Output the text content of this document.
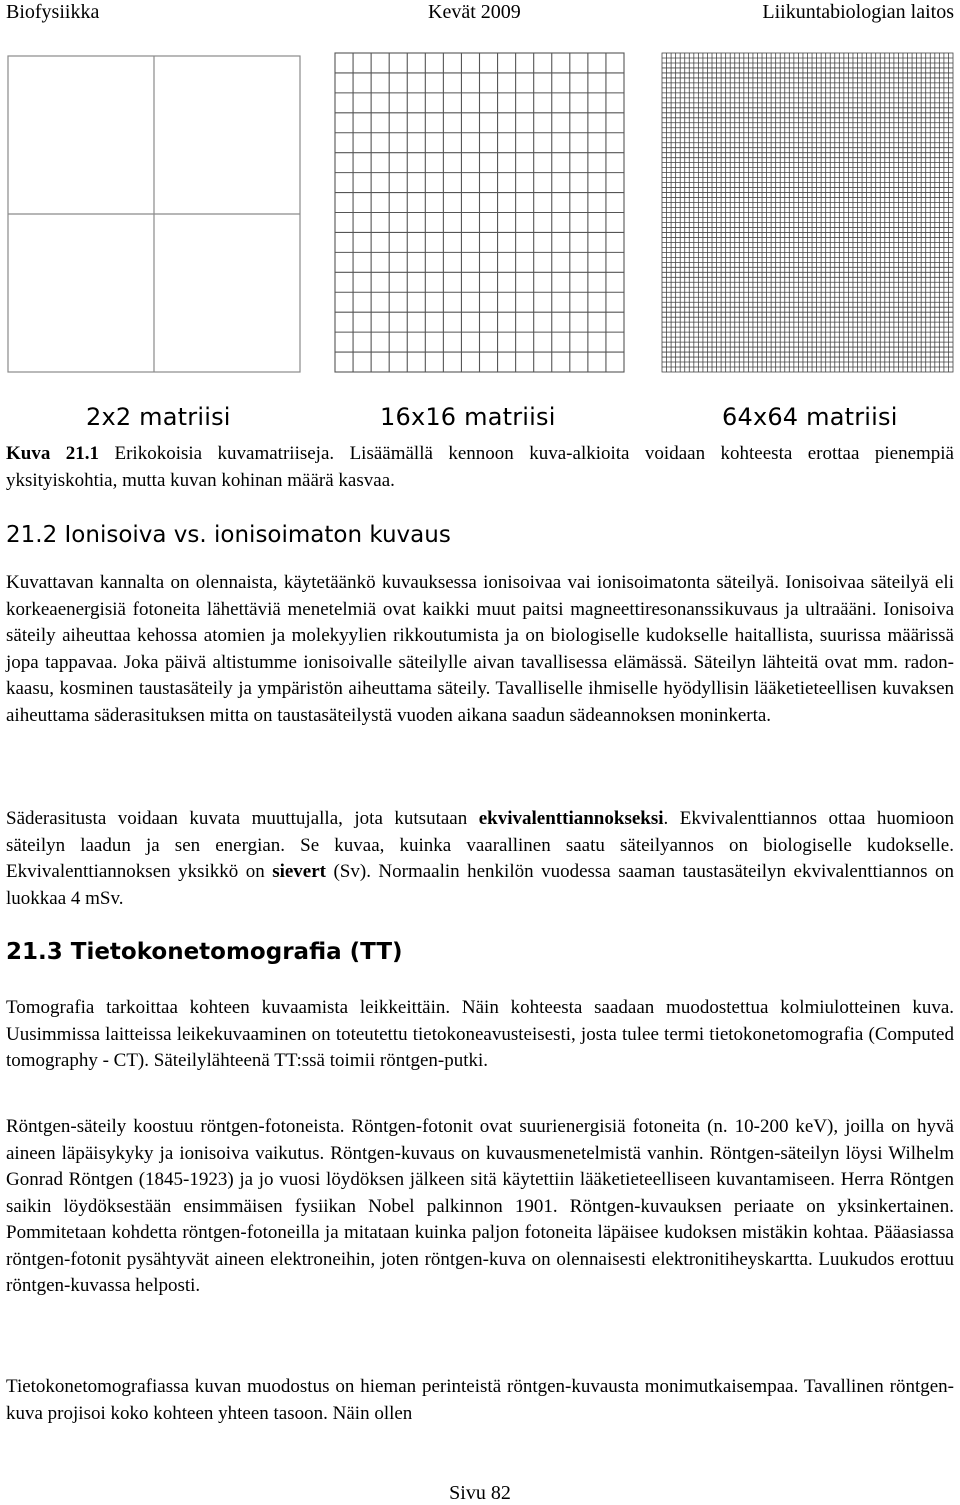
Biofysiikka	Kevät 2009	Liikuntabiologian laitos
2x2 matriisi	16x16 matriisi	64x64 matriisi

Kuva 21.1 Erikokoisia kuvamatriiseja. Lisäämällä kennoon kuva-alkioita voidaan kohteesta erottaa pienempiä yksityiskohtia, mutta kuvan kohinan määrä kasvaa.

21.2 Ionisoiva vs. ionisoimaton kuvaus

Kuvattavan kannalta on olennaista, käytetäänkö kuvauksessa ionisoivaa vai ionisoimatonta säteilyä. Ionisoivaa säteilyä eli korkeaenergisiä fotoneita lähettäviä menetelmiä ovat kaikki muut paitsi magneettiresonanssikuvaus ja ultraääni. Ionisoiva säteily aiheuttaa kehossa atomien ja molekyylien rikkoutumista ja on biologiselle kudokselle haitallista, suurissa määrissä jopa tappavaa. Joka päivä altistumme ionisoivalle säteilylle aivan tavallisessa elämässä. Säteilyn lähteitä ovat mm. radon-kaasu, kosminen taustasäteily ja ympäristön aiheuttama säteily. Tavalliselle ihmiselle hyödyllisin lääketieteellisen kuvaksen aiheuttama säderasituksen mitta on taustasäteilystä vuoden aikana saadun sädeannoksen moninkerta.

Säderasitusta voidaan kuvata muuttujalla, jota kutsutaan ekvivalenttiannokseksi. Ekvivalenttiannos ottaa huomioon säteilyn laadun ja sen energian. Se kuvaa, kuinka vaarallinen saatu säteilyannos on biologiselle kudokselle. Ekvivalenttiannoksen yksikkö on sievert (Sv). Normaalin henkilön vuodessa saaman taustasäteilyn ekvivalenttiannos on luokkaa 4 mSv.

21.3 Tietokonetomografia (TT)

Tomografia tarkoittaa kohteen kuvaamista leikkeittäin. Näin kohteesta saadaan muodostettua kolmiulotteinen kuva. Uusimmissa laitteissa leikekuvaaminen on toteutettu tietokoneavusteisesti, josta tulee termi tietokonetomografia (Computed tomography - CT). Säteilylähteenä TT:ssä toimii röntgen-putki.

Röntgen-säteily koostuu röntgen-fotoneista. Röntgen-fotonit ovat suurienergisiä fotoneita (n. 10-200 keV), joilla on hyvä aineen läpäisykyky ja ionisoiva vaikutus. Röntgen-kuvaus on kuvausmenetelmistä vanhin. Röntgen-säteilyn löysi Wilhelm Gonrad Röntgen (1845-1923) ja jo vuosi löydöksen jälkeen sitä käytettiin lääketieteelliseen kuvantamiseen. Herra Röntgen saikin löydöksestään ensimmäisen fysiikan Nobel palkinnon 1901. Röntgen-kuvauksen periaate on yksinkertainen. Pommitetaan kohdetta röntgen-fotoneilla ja mitataan kuinka paljon fotoneita läpäisee kudoksen mistäkin kohtaa. Pääasiassa röntgen-fotonit pysähtyvät aineen elektroneihin, joten röntgen-kuva on olennaisesti elektronitiheyskartta. Luukudos erottuu röntgen-kuvassa helposti.

Tietokonetomografiassa kuvan muodostus on hieman perinteistä röntgen-kuvausta monimutkaisempaa. Tavallinen röntgen-kuva projisoi koko kohteen yhteen tasoon. Näin ollen

Sivu 82
